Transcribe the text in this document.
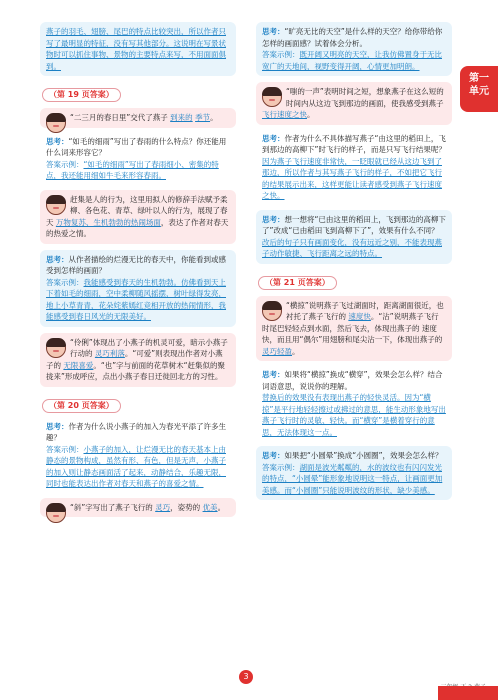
第一
单元
燕子的羽毛、翅膀、尾巴的特点比较突出，所以作者只写了最明显的特征，没有写其他部分。这说明在写景状物时可以抓住事物、景物的主要特点来写，不用面面俱到。
（第 19 页答案）
“二三月的春日里”交代了燕子 到来的 季节。
思考：“如毛的细雨”写出了春雨的什么特点？你还能用什么词来形容它？
答案示例：“如毛的细雨”写出了春雨细小、密集的特点，我还能用细如牛毛来形容春雨。
赶集是人的行为，这里用拟人的修辞手法赋予柔柳、各色花、青草、绿叶以人的行为，展现了春天 万物复苏、生机勃勃的热闹场面，表达了作者对春天的热爱之情。
思考：从作者描绘的烂漫无比的春天中，你能看到或感受到怎样的画面？
答案示例：我能感受到春天的生机勃勃。仿佛看到天上下着如毛的细雨，空中柔柳随风摇摆，树叶绿得发亮，地上小草青青，花朵姹紫嫣红竞相开放的热闹情形，我能感受到春日风光的无限美好。
“伶俐”体现出了小燕子的机灵可爱，暗示小燕子行动的 灵巧利落。“可爱”则表现出作者对小燕子的 无限喜爱。“也”字与前面的花草树木“赶集似的聚拢来”形成呼应，点出小燕子春日迁徙回北方的习性。
（第 20 页答案）
思考：作者为什么说小燕子的加入为春光平添了许多生趣？
答案示例：小燕子的加入，让烂漫无比的春天基本上由静态的景物构成，虽然有形、有色，但是无声，小燕子的加入则让静态画面活了起来，动静结合，乐趣无限，同时也能表达出作者对春天和燕子的喜爱之情。
“斜”字写出了燕子飞行的 灵巧，姿势的 优美。
思考：“旷亮无比的天空”是什么样的天空？给你带给你怎样的画面感？试着体会分析。
答案示例：既开阔又明亮的天空，让我仿佛置身于无比宽广的天地间，视野变得开阔，心情更加明朗。
“嗤的一声”表明时间之短，想象燕子在这么短的时间内从这边飞到那边的画面，使我感受到燕子 飞行速度之快。
思考：作者为什么不具体描写燕子“由这里的稻田上，飞到那边的高柳下”时飞行的样子，而是只写飞行结果呢？
因为燕子飞行速度非常快，一眨眼就已经从这边飞到了那边，所以作者与其写燕子飞行的样子，不如把它飞行的结果展示出来，这样更能让读者感受到燕子飞行速度之快。
思考：想一想将“已由这里的稻田上，飞到那边的高柳下了”改成“已由稻田飞到高柳下了”，效果有什么不同？
改后的句子只有画面变化，没有远近之别，不能表现燕子动作敏捷、飞行距离之远的特点。
（第 21 页答案）
“横掠”说明燕子飞过湖面时，距离湖面很近，也衬托了燕子飞行的 速度快。“沾”说明燕子飞行时尾巴轻轻点到水面，然后飞去，体现出燕子的 速度快，而且用“偶尔”用翅膀和尾尖沾一下，体现出燕子的 灵巧轻盈。
思考：如果将“横掠”换成“横穿”，效果会怎么样？结合词语意思，说说你的理解。
替换后的效果没有表现出燕子的轻快灵活。因为“横掠”是平行地轻轻擦过或拂过的意思，能生动形象地写出燕子飞行时的灵敏、轻快。而“横穿”是横着穿行的意思，无法体现这一点。
思考：如果把“小圆晕”换成“小圆圈”，效果会怎么样？
答案示例：湖面是波光粼粼的，水的波纹也有闪闪发光的特点，“小圆晕”能形象地说明这一特点，让画面更加美感。而“小圆圈”只能说明波纹的形状，缺少美感。
3
